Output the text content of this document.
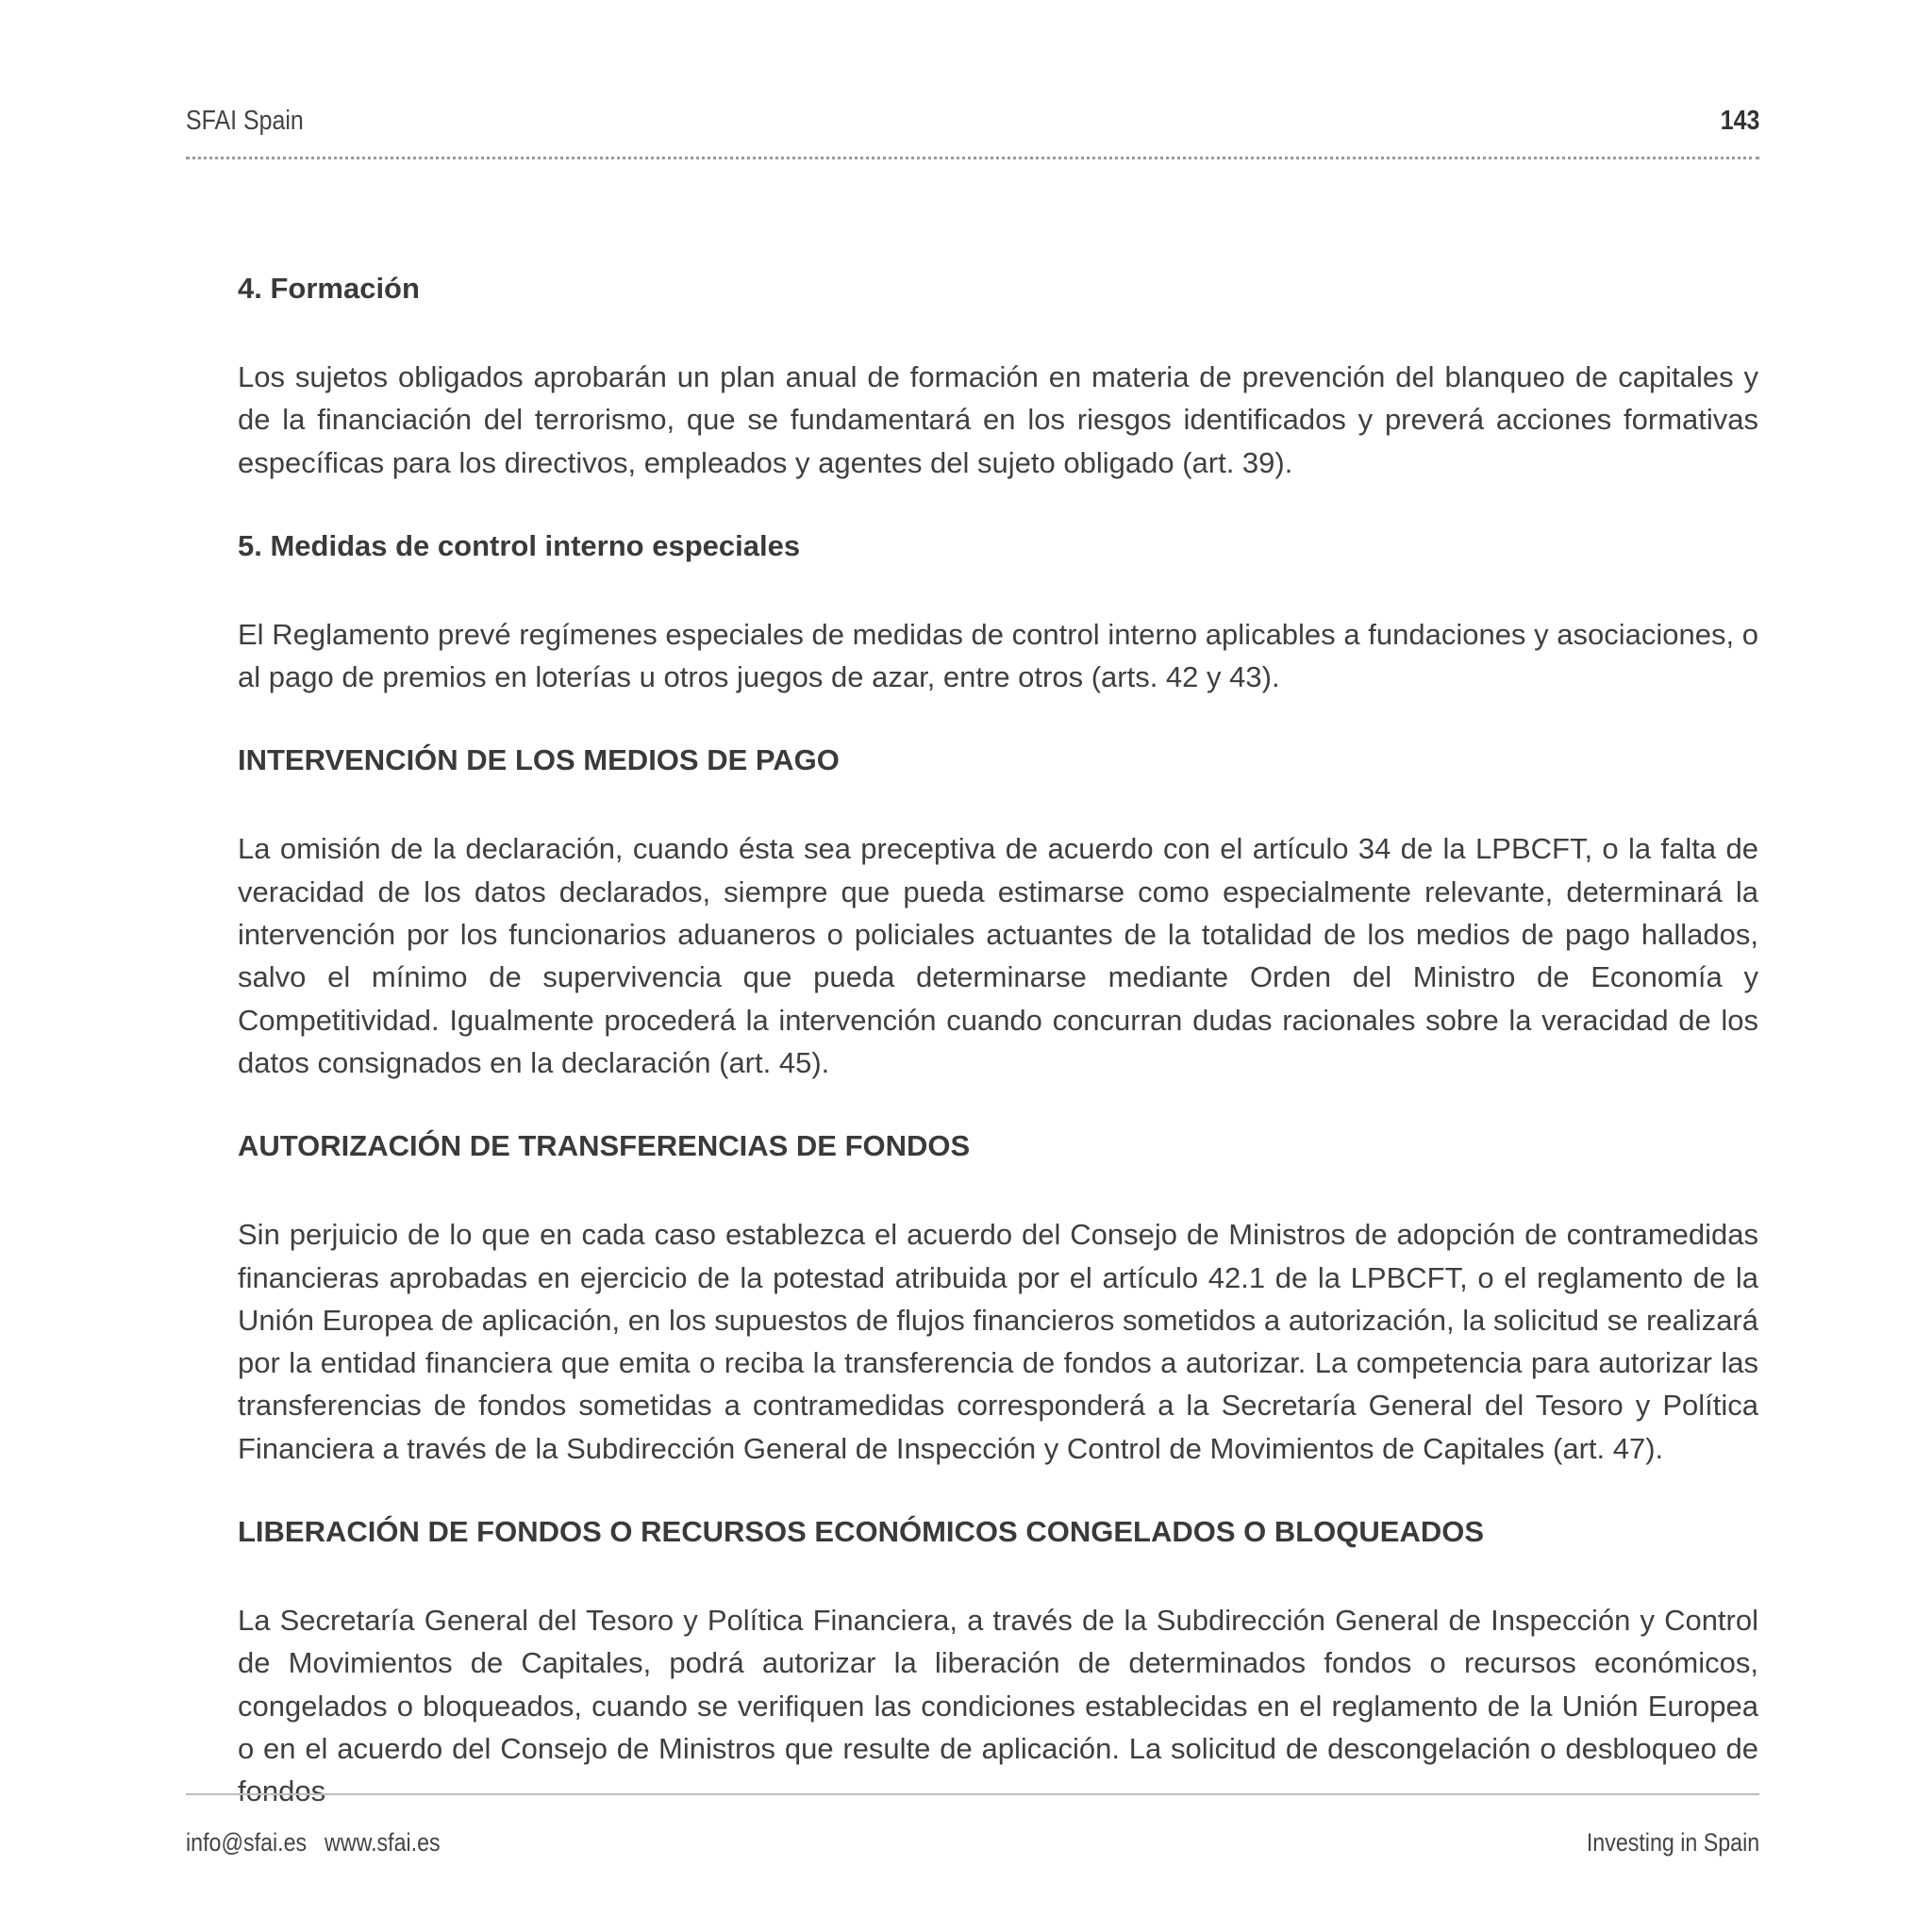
SFAI Spain	143
4. Formación

Los sujetos obligados aprobarán un plan anual de formación en materia de prevención del blanqueo de capitales y de la financiación del terrorismo, que se fundamentará en los riesgos identificados y preverá acciones formativas específicas para los directivos, empleados y agentes del sujeto obligado (art. 39).

5. Medidas de control interno especiales

El Reglamento prevé regímenes especiales de medidas de control interno aplicables a fundaciones y asociaciones, o al pago de premios en loterías u otros juegos de azar, entre otros (arts. 42 y 43).

INTERVENCIÓN DE LOS MEDIOS DE PAGO

La omisión de la declaración, cuando ésta sea preceptiva de acuerdo con el artículo 34 de la LPBCFT, o la falta de veracidad de los datos declarados, siempre que pueda estimarse como especialmente relevante, determinará la intervención por los funcionarios aduaneros o policiales actuantes de la totalidad de los medios de pago hallados, salvo el mínimo de supervivencia que pueda determinarse mediante Orden del Ministro de Economía y Competitividad. Igualmente procederá la intervención cuando concurran dudas racionales sobre la veracidad de los datos consignados en la declaración (art. 45).

AUTORIZACIÓN DE TRANSFERENCIAS DE FONDOS

Sin perjuicio de lo que en cada caso establezca el acuerdo del Consejo de Ministros de adopción de contramedidas financieras aprobadas en ejercicio de la potestad atribuida por el artículo 42.1 de la LPBCFT, o el reglamento de la Unión Europea de aplicación, en los supuestos de flujos financieros sometidos a autorización, la solicitud se realizará por la entidad financiera que emita o reciba la transferencia de fondos a autorizar. La competencia para autorizar las transferencias de fondos sometidas a contramedidas corresponderá a la Secretaría General del Tesoro y Política Financiera a través de la Subdirección General de Inspección y Control de Movimientos de Capitales (art. 47).

LIBERACIÓN DE FONDOS O RECURSOS ECONÓMICOS CONGELADOS O BLOQUEADOS

La Secretaría General del Tesoro y Política Financiera, a través de la Subdirección General de Inspección y Control de Movimientos de Capitales, podrá autorizar la liberación de determinados fondos o recursos económicos, congelados o bloqueados, cuando se verifiquen las condiciones establecidas en el reglamento de la Unión Europea o en el acuerdo del Consejo de Ministros que resulte de aplicación. La solicitud de descongelación o desbloqueo de fondos

info@sfai.es www.sfai.es	Investing in Spain
